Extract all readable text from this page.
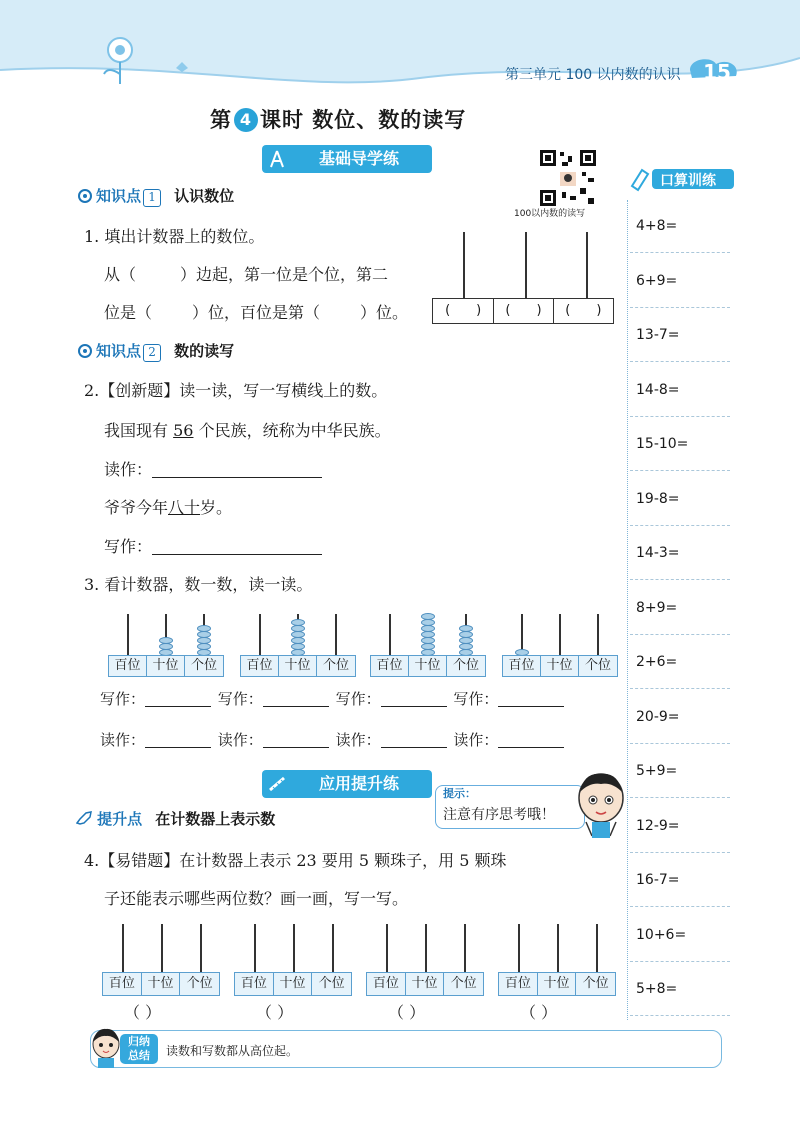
第三单元 100 以内数的认识	15
第 4 课时 数位、数的读写
基础导学练
100以内数的读写
知识点 1 认识数位
1. 填出计数器上的数位。
从（	）边起，第一位是个位，第二
位是（	）位，百位是第（	）位。	(　　)	(　　)	(　　)
知识点 2 数的读写
2.【创新题】读一读，写一写横线上的数。
我国现有 56 个民族，统称为中华民族。
读作：
爷爷今年八十岁。
写作：
3. 看计数器，数一数，读一读。
百位 十位 个位	百位 十位 个位	百位 十位 个位	百位 十位 个位
写作：	写作：	写作：	写作：
读作：	读作：	读作：	读作：
应用提升练
提示：
注意有序思考哦！
提升点 在计数器上表示数
4.【易错题】在计数器上表示 23 要用 5 颗珠子，用 5 颗珠
子还能表示哪些两位数？画一画，写一写。
百位 十位	个位
（ ）
百位 十位	个位
（ ）
百位 十位	个位
（ ）
百位 十位	个位
（ ）
口算训练
4+8=
6+9=
13-7=
14-8=
15-10=
19-8=
14-3=
8+9=
2+6=
20-9=
5+9=
12-9=
16-7=
10+6=
5+8=
归纳
总结	读数和写数都从高位起。
